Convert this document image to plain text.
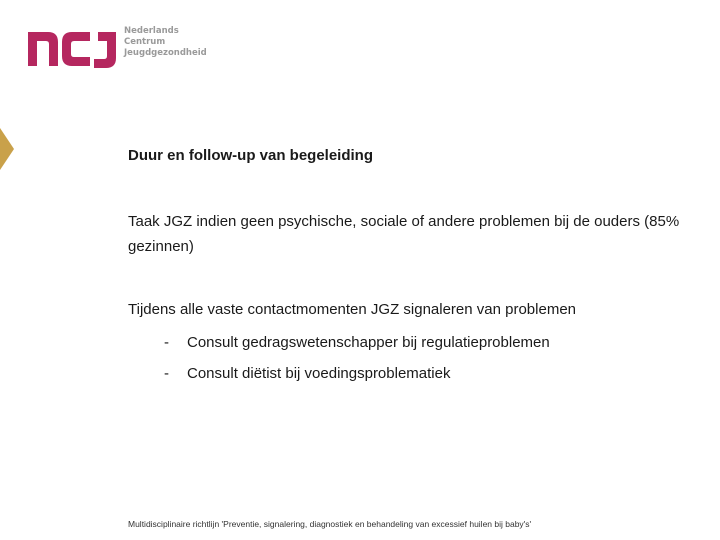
Nederlands
Centrum
Jeugdgezondheid

Duur en follow-up van begeleiding

Taak JGZ indien geen psychische, sociale of andere problemen bij de ouders (85% gezinnen)

Tijdens alle vaste contactmomenten JGZ signaleren van problemen

- Consult gedragswetenschapper bij regulatieproblemen
- Consult diëtist bij voedingsproblematiek
Multidisciplinaire richtlijn 'Preventie, signalering, diagnostiek en behandeling van excessief huilen bij baby's'
